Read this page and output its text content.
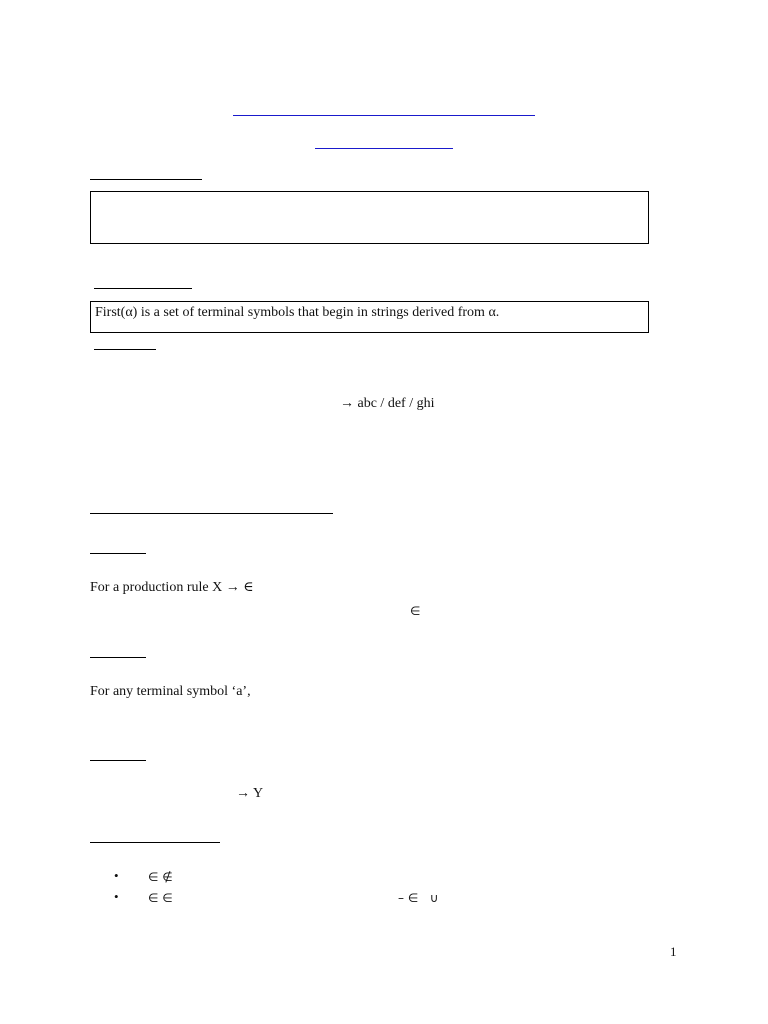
First(α) is a set of terminal symbols that begin in strings derived from α.
→ abc / def / ghi
For a production rule X → ∈
∈
For any terminal symbol ‘a’,
→ Y
• ∈ ∉
• ∈ ∈	– ∈   ∪
1
